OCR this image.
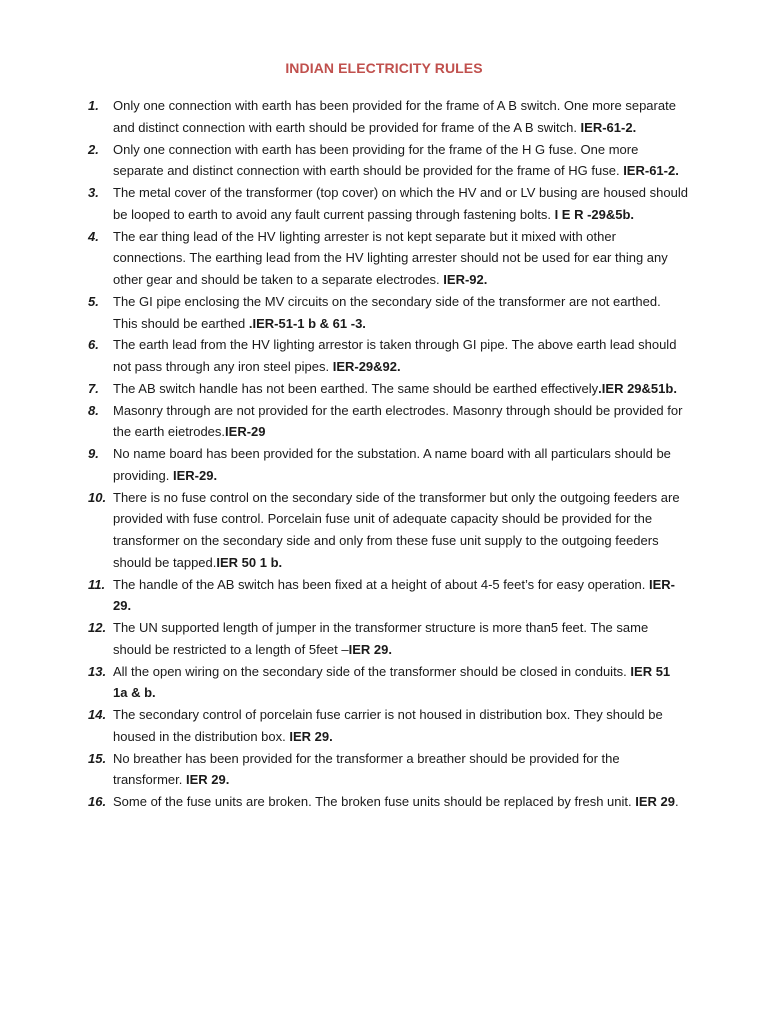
INDIAN ELECTRICITY RULES
1. Only one connection with earth has been provided for the frame of A B switch. One more separate and distinct connection with earth should be provided for frame of the A B switch. IER-61-2.
2. Only one connection with earth has been providing for the frame of the H G fuse. One more separate and distinct connection with earth should be provided for the frame of HG fuse. IER-61-2.
3. The metal cover of the transformer (top cover) on which the HV and or LV busing are housed should be looped to earth to avoid any fault current passing through fastening bolts. I E R -29&5b.
4. The ear thing lead of the HV lighting arrester is not kept separate but it mixed with other connections. The earthing lead from the HV lighting arrester should not be used for ear thing any other gear and should be taken to a separate electrodes. IER-92.
5. The GI pipe enclosing the MV circuits on the secondary side of the transformer are not earthed. This should be earthed .IER-51-1 b & 61 -3.
6. The earth lead from the HV lighting arrestor is taken through GI pipe. The above earth lead should not pass through any iron steel pipes. IER-29&92.
7. The AB switch handle has not been earthed. The same should be earthed effectively.IER 29&51b.
8. Masonry through are not provided for the earth electrodes. Masonry through should be provided for the earth eietrodes.IER-29
9. No name board has been provided for the substation. A name board with all particulars should be providing. IER-29.
10. There is no fuse control on the secondary side of the transformer but only the outgoing feeders are provided with fuse control. Porcelain fuse unit of adequate capacity should be provided for the transformer on the secondary side and only from these fuse unit supply to the outgoing feeders should be tapped.IER 50 1 b.
11. The handle of the AB switch has been fixed at a height of about 4-5 feet’s for easy operation. IER-29.
12. The UN supported length of jumper in the transformer structure is more than5 feet. The same should be restricted to a length of 5feet –IER 29.
13. All the open wiring on the secondary side of the transformer should be closed in conduits. IER 51 1a & b.
14. The secondary control of porcelain fuse carrier is not housed in distribution box. They should be housed in the distribution box. IER 29.
15. No breather has been provided for the transformer a breather should be provided for the transformer. IER 29.
16. Some of the fuse units are broken. The broken fuse units should be replaced by fresh unit. IER 29.
